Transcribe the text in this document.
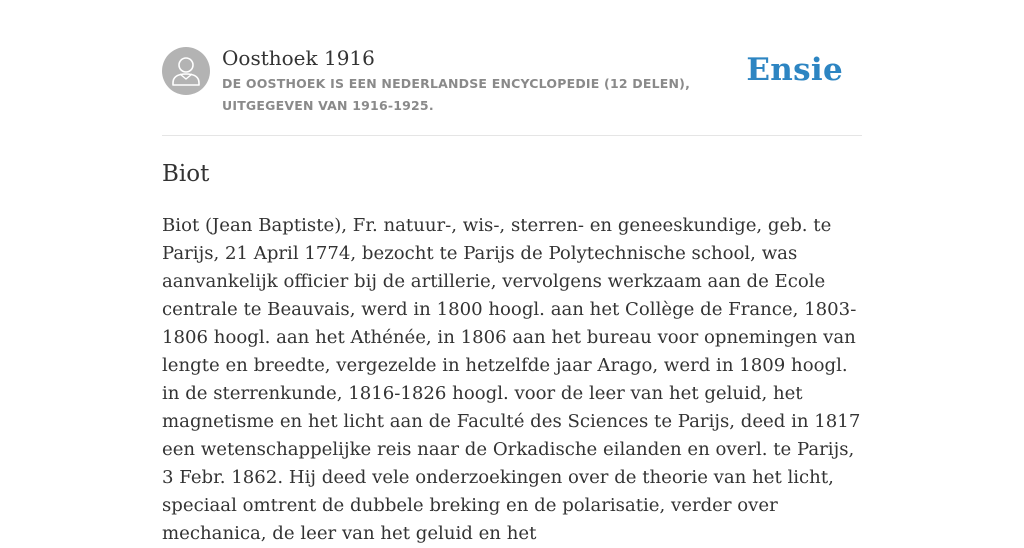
Oosthoek 1916
DE OOSTHOEK IS EEN NEDERLANDSE ENCYCLOPEDIE (12 DELEN), UITGEGEVEN VAN 1916-1925.
Ensie
Biot

Biot (Jean Baptiste), Fr. natuur-, wis-, sterren- en geneeskundige, geb. te Parijs, 21 April 1774, bezocht te Parijs de Polytechnische school, was aanvankelijk officier bij de artillerie, vervolgens werkzaam aan de Ecole centrale te Beauvais, werd in 1800 hoogl. aan het Collège de France, 1803-1806 hoogl. aan het Athénée, in 1806 aan het bureau voor opnemingen van lengte en breedte, vergezelde in hetzelfde jaar Arago, werd in 1809 hoogl. in de sterrenkunde, 1816-1826 hoogl. voor de leer van het geluid, het magnetisme en het licht aan de Faculté des Sciences te Parijs, deed in 1817 een wetenschappelijke reis naar de Orkadische eilanden en overl. te Parijs, 3 Febr. 1862. Hij deed vele onderzoekingen over de theorie van het licht, speciaal omtrent de dubbele breking en de polarisatie, verder over mechanica, de leer van het geluid en het
